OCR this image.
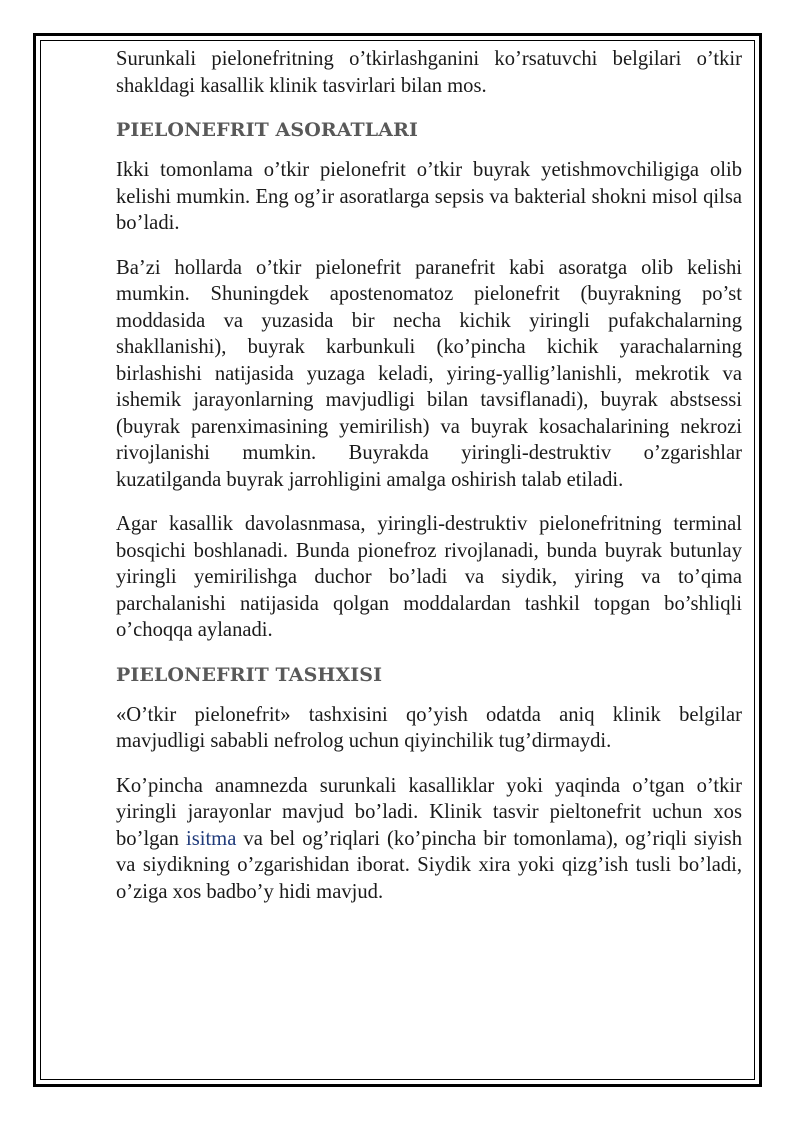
Surunkali pielonefritning o’tkirlashganini ko’rsatuvchi belgilari o’tkir shakldagi kasallik klinik tasvirlari bilan mos.

PIELONEFRIT ASORATLARI

Ikki tomonlama o’tkir pielonefrit o’tkir buyrak yetishmovchiligiga olib kelishi mumkin. Eng og’ir asoratlarga sepsis va bakterial shokni misol qilsa bo’ladi.

Ba’zi hollarda o’tkir pielonefrit paranefrit kabi asoratga olib kelishi mumkin. Shuningdek apostenomatoz pielonefrit (buyrakning po’st moddasida va yuzasida bir necha kichik yiringli pufakchalarning shakllanishi), buyrak karbunkuli (ko’pincha kichik yarachalarning birlashishi natijasida yuzaga keladi, yiring-yallig’lanishli, mekrotik va ishemik jarayonlarning mavjudligi bilan tavsiflanadi), buyrak abstsessi (buyrak parenximasining yemirilish) va buyrak kosachalarining nekrozi rivojlanishi mumkin. Buyrakda yiringli-destruktiv o’zgarishlar kuzatilganda buyrak jarrohligini amalga oshirish talab etiladi.

Agar kasallik davolasnmasa, yiringli-destruktiv pielonefritning terminal bosqichi boshlanadi. Bunda pionefroz rivojlanadi, bunda buyrak butunlay yiringli yemirilishga duchor bo’ladi va siydik, yiring va to’qima parchalanishi natijasida qolgan moddalardan tashkil topgan bo’shliqli o’choqqa aylanadi.

PIELONEFRIT TASHXISI

«O’tkir pielonefrit» tashxisini qo’yish odatda aniq klinik belgilar mavjudligi sababli nefrolog uchun qiyinchilik tug’dirmaydi.

Ko’pincha anamnezda surunkali kasalliklar yoki yaqinda o’tgan o’tkir yiringli jarayonlar mavjud bo’ladi. Klinik tasvir pieltonefrit uchun xos bo’lgan isitma va bel og’riqlari (ko’pincha bir tomonlama), og’riqli siyish va siydikning o’zgarishidan iborat. Siydik xira yoki qizg’ish tusli bo’ladi, o’ziga xos badbo’y hidi mavjud.
